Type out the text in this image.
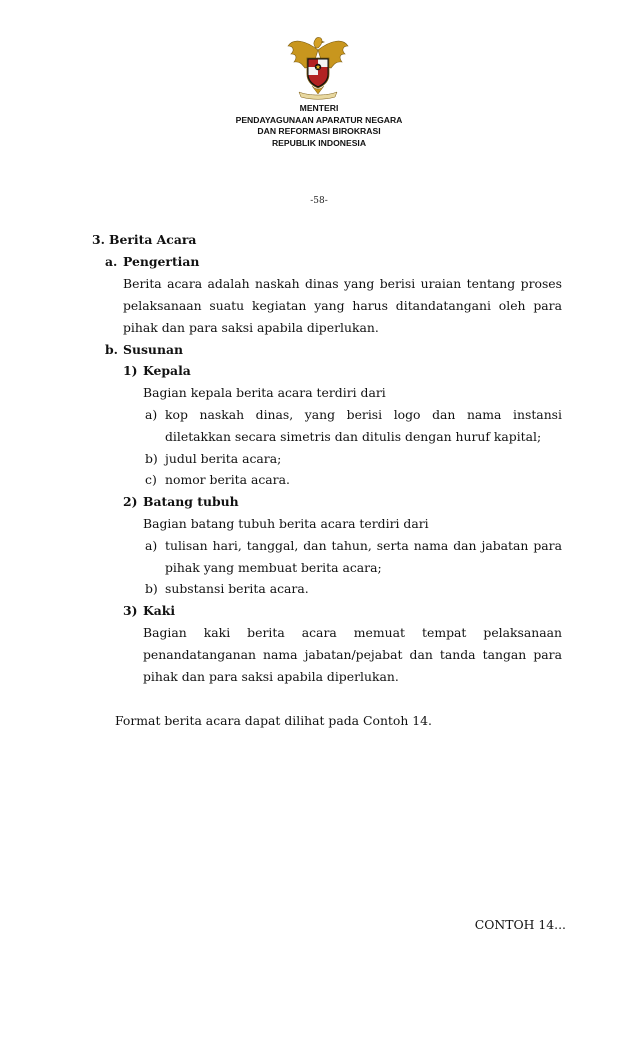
MENTERI
PENDAYAGUNAAN APARATUR NEGARA
DAN REFORMASI BIROKRASI
REPUBLIK INDONESIA
-58-
3. Berita Acara
a. Pengertian
Berita acara adalah naskah dinas yang berisi uraian tentang proses
pelaksanaan suatu kegiatan yang harus ditandatangani oleh para
pihak dan para saksi apabila diperlukan.
b. Susunan
1) Kepala
Bagian kepala berita acara terdiri dari
a) kop naskah dinas, yang berisi logo dan nama instansi
diletakkan secara simetris dan ditulis dengan huruf kapital;
b) judul berita acara;
c) nomor berita acara.
2) Batang tubuh
Bagian batang tubuh berita acara terdiri dari
a) tulisan hari, tanggal, dan tahun, serta nama dan jabatan para
pihak yang membuat berita acara;
b) substansi berita acara.
3) Kaki
Bagian kaki berita acara memuat tempat pelaksanaan
penandatanganan nama jabatan/pejabat dan tanda tangan para
pihak dan para saksi apabila diperlukan.
Format berita acara dapat dilihat pada Contoh 14.
CONTOH 14...
